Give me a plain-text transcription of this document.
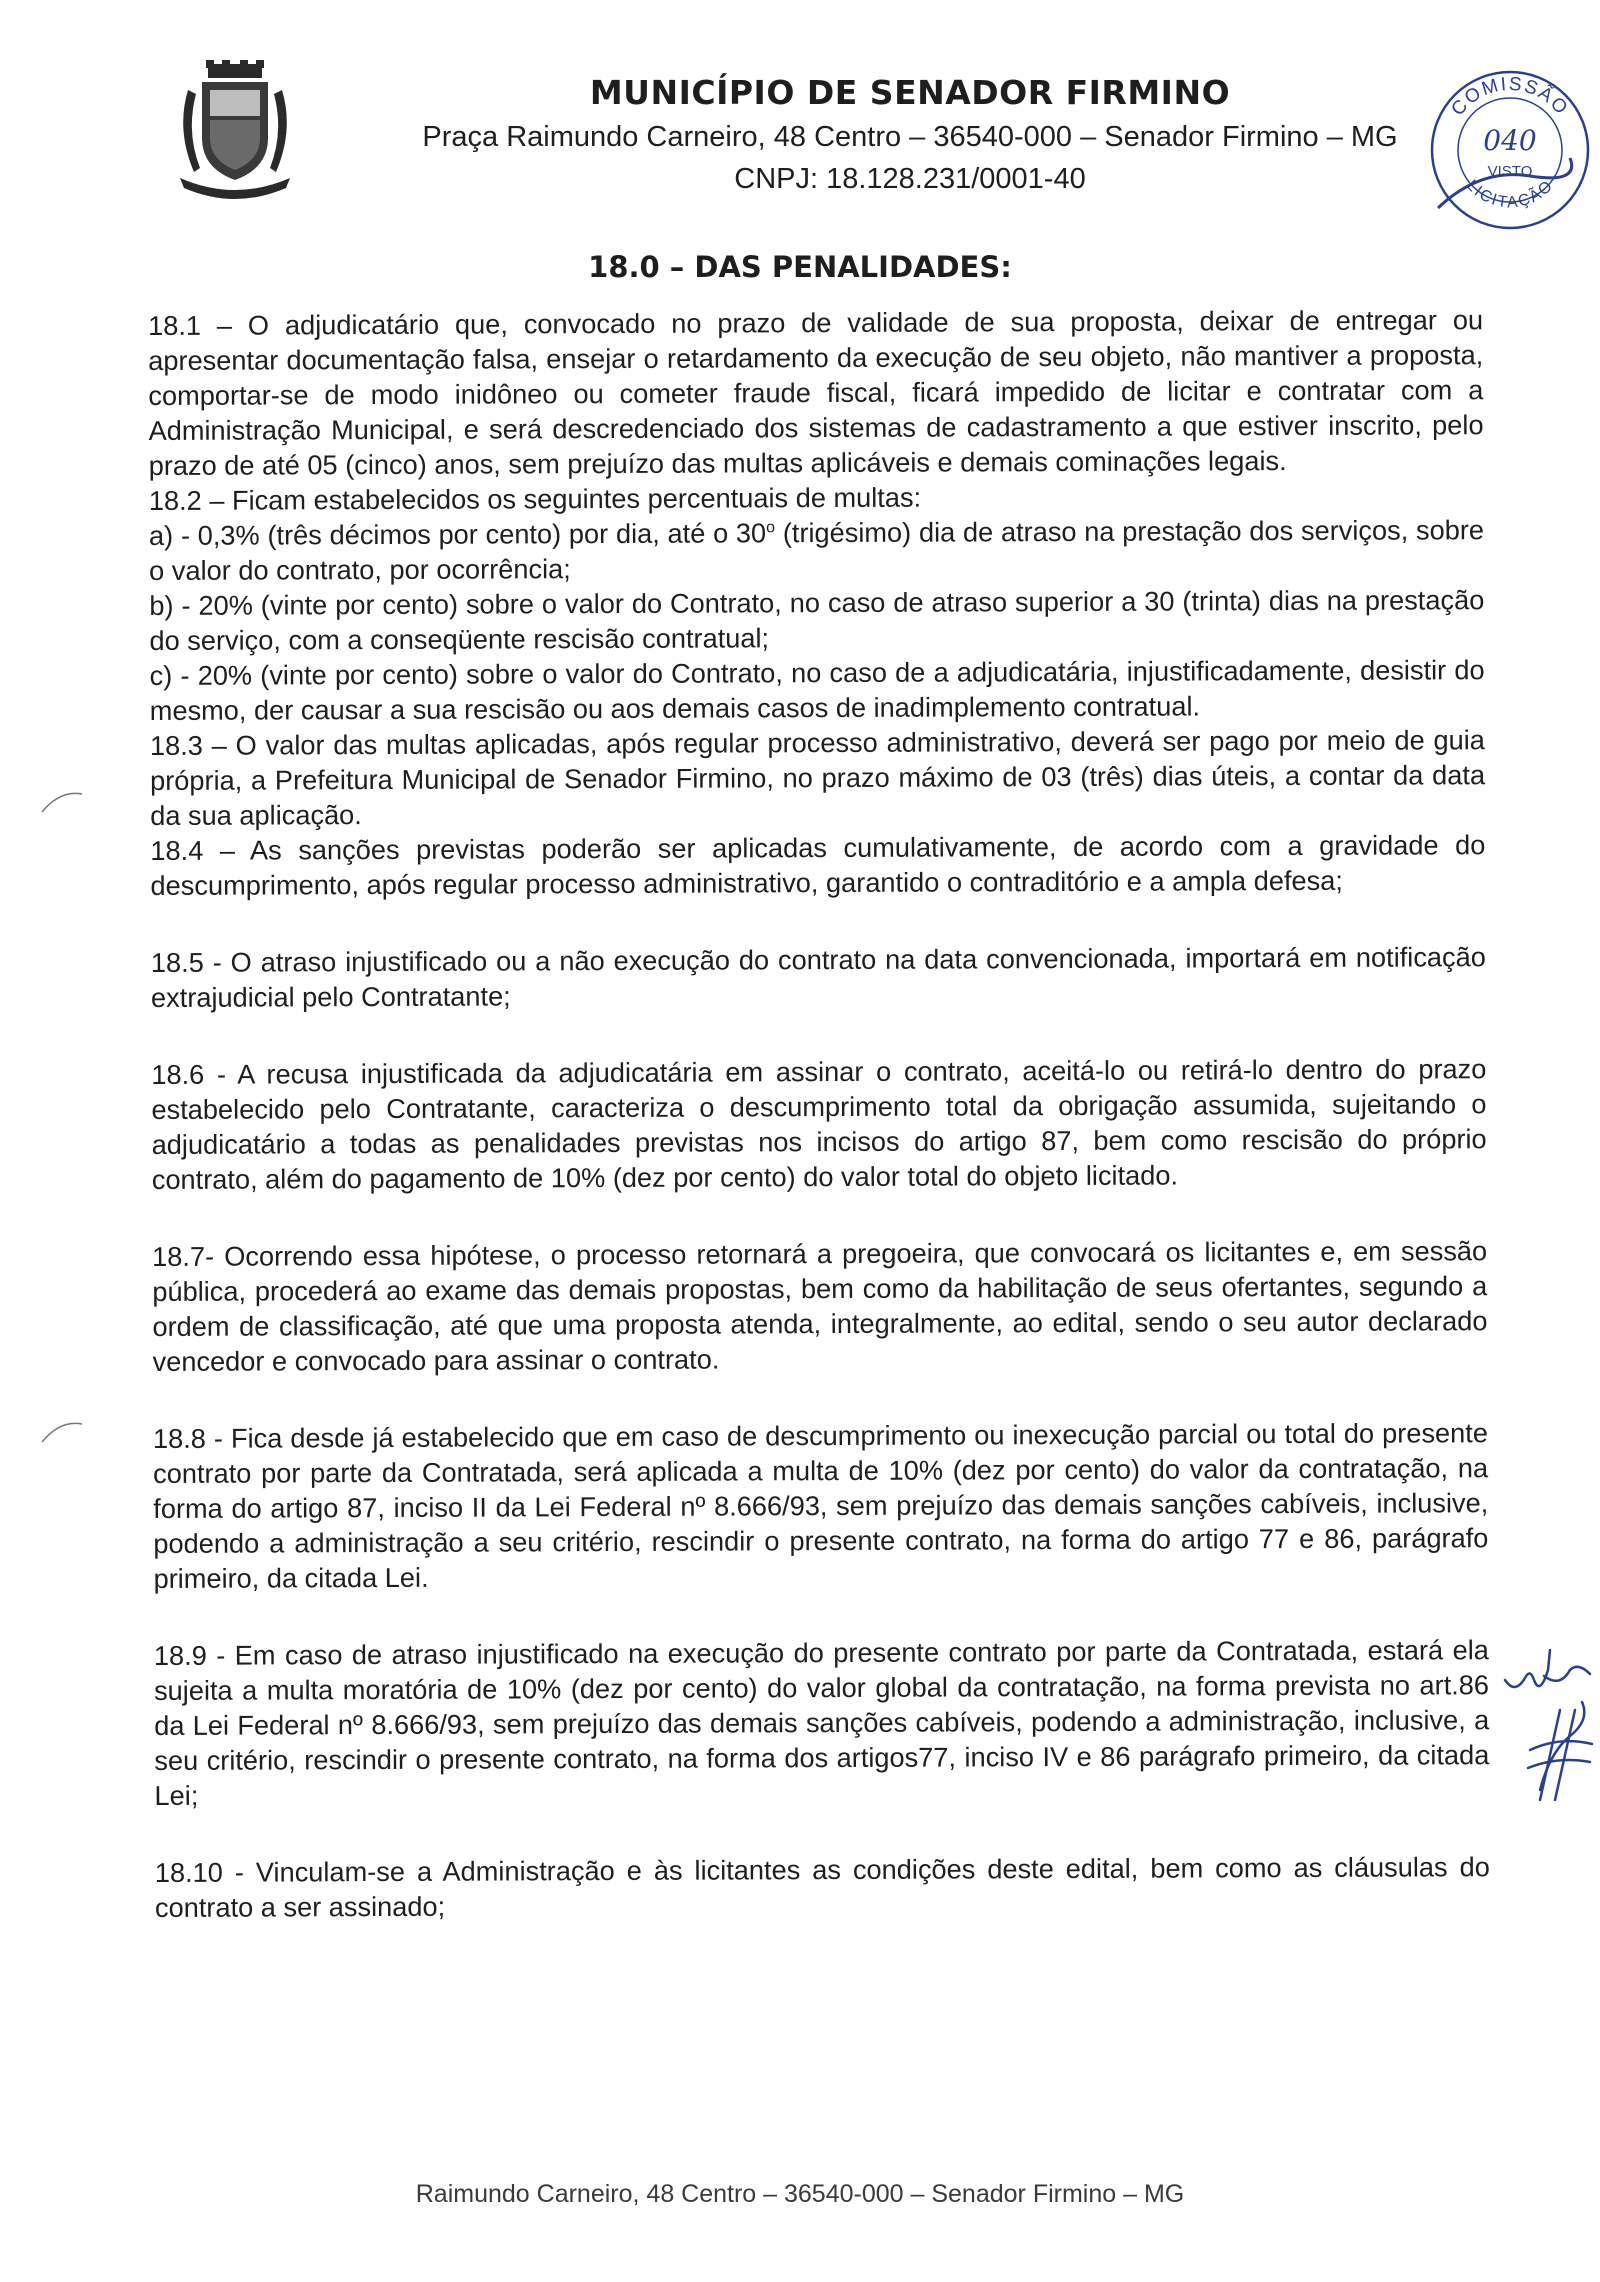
MUNICÍPIO DE SENADOR FIRMINO
Praça Raimundo Carneiro, 48 Centro – 36540-000 – Senador Firmino – MG
CNPJ: 18.128.231/0001-40
COMISSÃO
LICITAÇÃO
040
VISTO
18.0 – DAS PENALIDADES:

18.1 – O adjudicatário que, convocado no prazo de validade de sua proposta, deixar de entregar ou apresentar documentação falsa, ensejar o retardamento da execução de seu objeto, não mantiver a proposta, comportar-se de modo inidôneo ou cometer fraude fiscal, ficará impedido de licitar e contratar com a Administração Municipal, e será descredenciado dos sistemas de cadastramento a que estiver inscrito, pelo prazo de até 05 (cinco) anos, sem prejuízo das multas aplicáveis e demais cominações legais.

18.2 – Ficam estabelecidos os seguintes percentuais de multas:

a) - 0,3% (três décimos por cento) por dia, até o 30$^o$ (trigésimo) dia de atraso na prestação dos serviços, sobre o valor do contrato, por ocorrência;

b) - 20% (vinte por cento) sobre o valor do Contrato, no caso de atraso superior a 30 (trinta) dias na prestação do serviço, com a conseqüente rescisão contratual;

c) - 20% (vinte por cento) sobre o valor do Contrato, no caso de a adjudicatária, injustificadamente, desistir do mesmo, der causar a sua rescisão ou aos demais casos de inadimplemento contratual.

18.3 – O valor das multas aplicadas, após regular processo administrativo, deverá ser pago por meio de guia própria, a Prefeitura Municipal de Senador Firmino, no prazo máximo de 03 (três) dias úteis, a contar da data da sua aplicação.

18.4 – As sanções previstas poderão ser aplicadas cumulativamente, de acordo com a gravidade do descumprimento, após regular processo administrativo, garantido o contraditório e a ampla defesa;

18.5 - O atraso injustificado ou a não execução do contrato na data convencionada, importará em notificação extrajudicial pelo Contratante;

18.6 - A recusa injustificada da adjudicatária em assinar o contrato, aceitá-lo ou retirá-lo dentro do prazo estabelecido pelo Contratante, caracteriza o descumprimento total da obrigação assumida, sujeitando o adjudicatário a todas as penalidades previstas nos incisos do artigo 87, bem como rescisão do próprio contrato, além do pagamento de 10% (dez por cento) do valor total do objeto licitado.

18.7- Ocorrendo essa hipótese, o processo retornará a pregoeira, que convocará os licitantes e, em sessão pública, procederá ao exame das demais propostas, bem como da habilitação de seus ofertantes, segundo a ordem de classificação, até que uma proposta atenda, integralmente, ao edital, sendo o seu autor declarado vencedor e convocado para assinar o contrato.

18.8 - Fica desde já estabelecido que em caso de descumprimento ou inexecução parcial ou total do presente contrato por parte da Contratada, será aplicada a multa de 10% (dez por cento) do valor da contratação, na forma do artigo 87, inciso II da Lei Federal nº 8.666/93, sem prejuízo das demais sanções cabíveis, inclusive, podendo a administração a seu critério, rescindir o presente contrato, na forma do artigo 77 e 86, parágrafo primeiro, da citada Lei.

18.9 - Em caso de atraso injustificado na execução do presente contrato por parte da Contratada, estará ela sujeita a multa moratória de 10% (dez por cento) do valor global da contratação, na forma prevista no art.86 da Lei Federal nº 8.666/93, sem prejuízo das demais sanções cabíveis, podendo a administração, inclusive, a seu critério, rescindir o presente contrato, na forma dos artigos77, inciso IV e 86 parágrafo primeiro, da citada Lei;

18.10 - Vinculam-se a Administração e às licitantes as condições deste edital, bem como as cláusulas do contrato a ser assinado;

Raimundo Carneiro, 48 Centro – 36540-000 – Senador Firmino – MG
